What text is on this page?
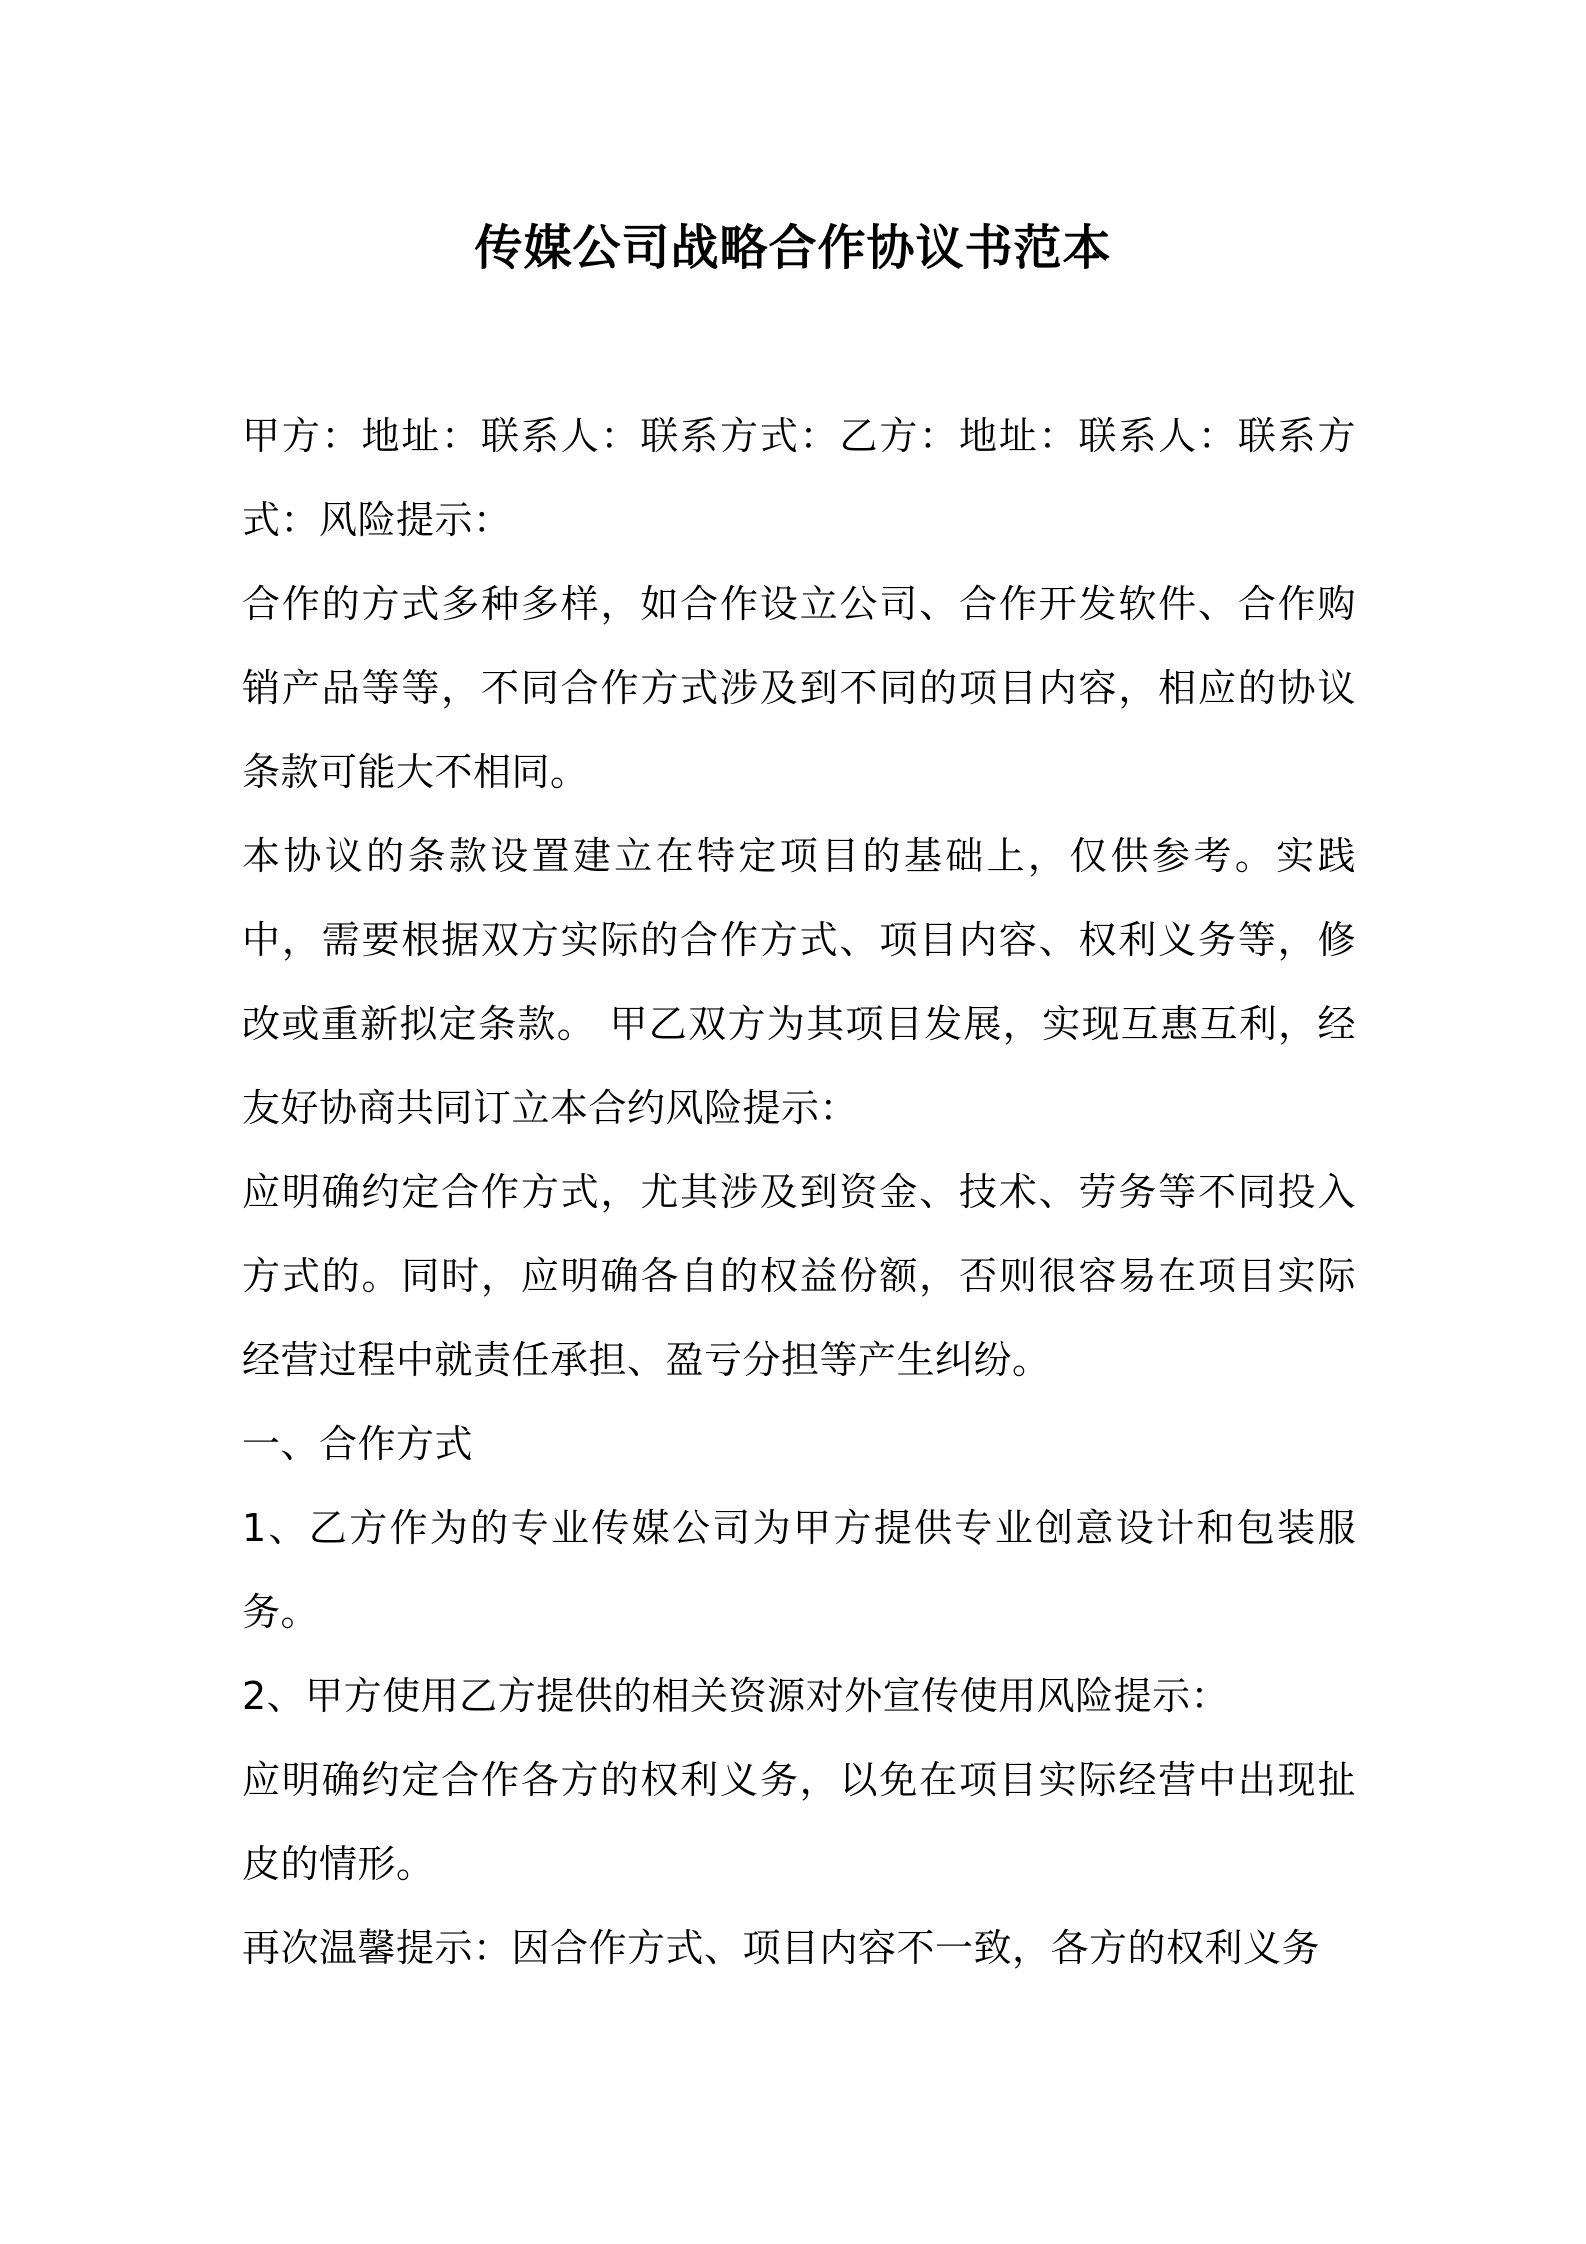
传媒公司战略合作协议书范本

甲方：地址：联系人：联系方式：乙方：地址：联系人：联系方式：风险提示：

合作的方式多种多样，如合作设立公司、合作开发软件、合作购销产品等等，不同合作方式涉及到不同的项目内容，相应的协议条款可能大不相同。

本协议的条款设置建立在特定项目的基础上，仅供参考。实践中，需要根据双方实际的合作方式、项目内容、权利义务等，修改或重新拟定条款。 甲乙双方为其项目发展，实现互惠互利，经友好协商共同订立本合约风险提示：

应明确约定合作方式，尤其涉及到资金、技术、劳务等不同投入方式的。同时，应明确各自的权益份额，否则很容易在项目实际经营过程中就责任承担、盈亏分担等产生纠纷。

一、合作方式

1、乙方作为的专业传媒公司为甲方提供专业创意设计和包装服务。

2、甲方使用乙方提供的相关资源对外宣传使用风险提示：

应明确约定合作各方的权利义务，以免在项目实际经营中出现扯皮的情形。

再次温馨提示：因合作方式、项目内容不一致，各方的权利义务
